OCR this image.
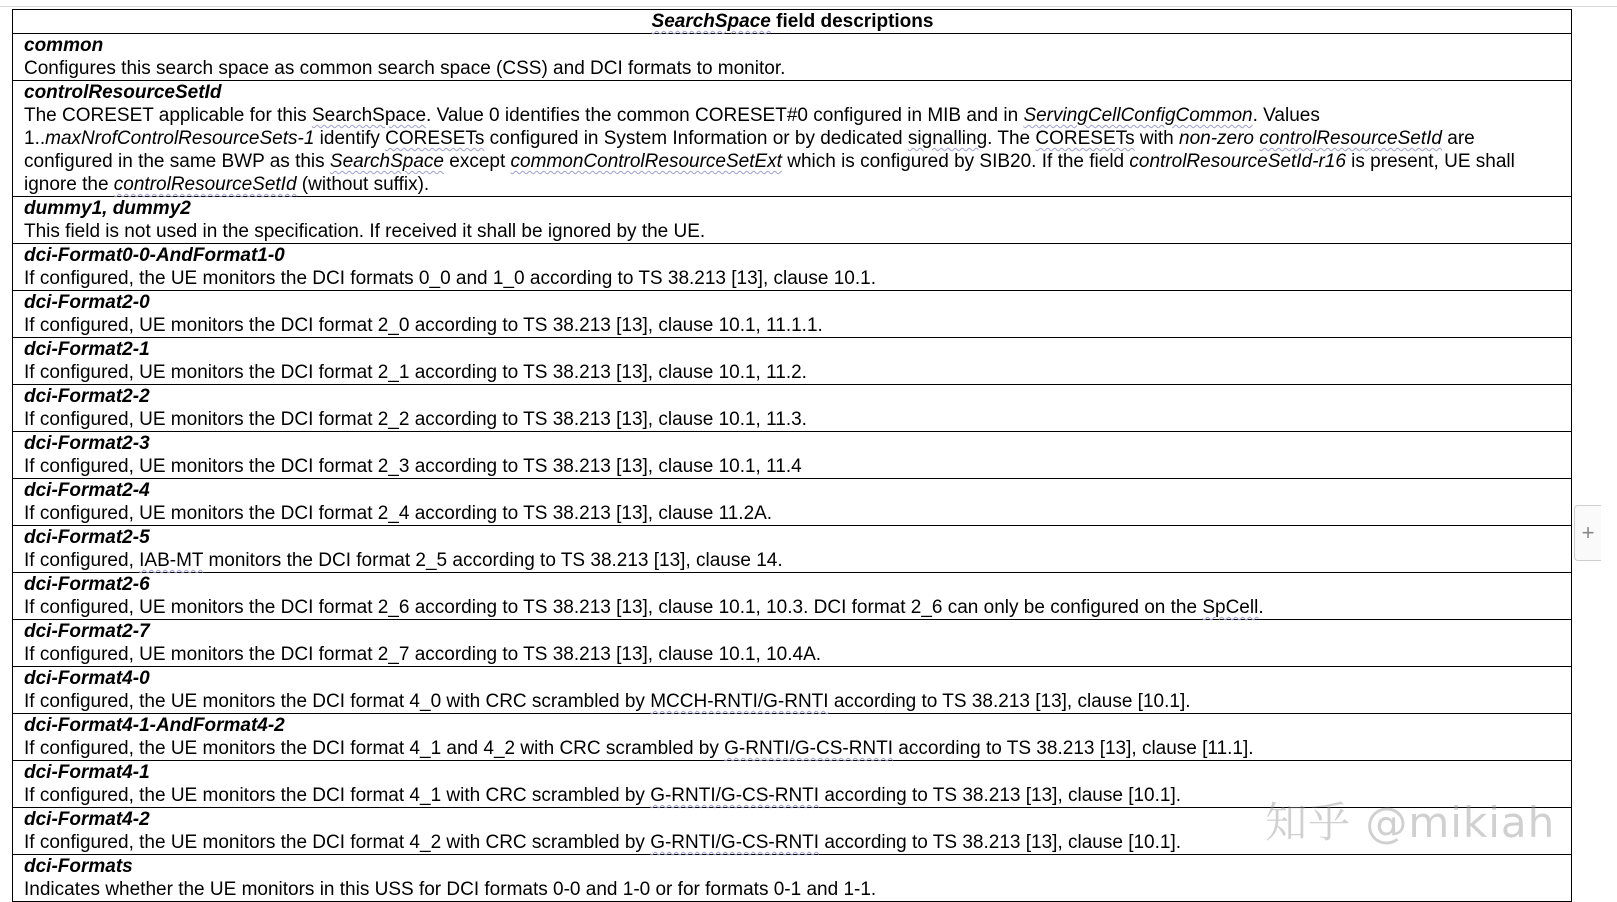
SearchSpace field descriptions

common
Configures this search space as common search space (CSS) and DCI formats to monitor.

controlResourceSetId
The CORESET applicable for this SearchSpace. Value 0 identifies the common CORESET#0 configured in MIB and in ServingCellConfigCommon. Values 1..maxNrofControlResourceSets-1 identify CORESETs configured in System Information or by dedicated signalling. The CORESETs with non-zero controlResourceSetId are configured in the same BWP as this SearchSpace except commonControlResourceSetExt which is configured by SIB20. If the field controlResourceSetId-r16 is present, UE shall ignore the controlResourceSetId (without suffix).

dummy1, dummy2
This field is not used in the specification. If received it shall be ignored by the UE.

dci-Format0-0-AndFormat1-0
If configured, the UE monitors the DCI formats 0_0 and 1_0 according to TS 38.213 [13], clause 10.1.

dci-Format2-0
If configured, UE monitors the DCI format 2_0 according to TS 38.213 [13], clause 10.1, 11.1.1.

dci-Format2-1
If configured, UE monitors the DCI format 2_1 according to TS 38.213 [13], clause 10.1, 11.2.

dci-Format2-2
If configured, UE monitors the DCI format 2_2 according to TS 38.213 [13], clause 10.1, 11.3.

dci-Format2-3
If configured, UE monitors the DCI format 2_3 according to TS 38.213 [13], clause 10.1, 11.4

dci-Format2-4
If configured, UE monitors the DCI format 2_4 according to TS 38.213 [13], clause 11.2A.

dci-Format2-5
If configured, IAB-MT monitors the DCI format 2_5 according to TS 38.213 [13], clause 14.

dci-Format2-6
If configured, UE monitors the DCI format 2_6 according to TS 38.213 [13], clause 10.1, 10.3. DCI format 2_6 can only be configured on the SpCell.

dci-Format2-7
If configured, UE monitors the DCI format 2_7 according to TS 38.213 [13], clause 10.1, 10.4A.

dci-Format4-0
If configured, the UE monitors the DCI format 4_0 with CRC scrambled by MCCH-RNTI/G-RNTI according to TS 38.213 [13], clause [10.1].

dci-Format4-1-AndFormat4-2
If configured, the UE monitors the DCI format 4_1 and 4_2 with CRC scrambled by G-RNTI/G-CS-RNTI according to TS 38.213 [13], clause [11.1].

dci-Format4-1
If configured, the UE monitors the DCI format 4_1 with CRC scrambled by G-RNTI/G-CS-RNTI according to TS 38.213 [13], clause [10.1].

dci-Format4-2
If configured, the UE monitors the DCI format 4_2 with CRC scrambled by G-RNTI/G-CS-RNTI according to TS 38.213 [13], clause [10.1].

dci-Formats
Indicates whether the UE monitors in this USS for DCI formats 0-0 and 1-0 or for formats 0-1 and 1-1.
+
知乎 @mikiah
